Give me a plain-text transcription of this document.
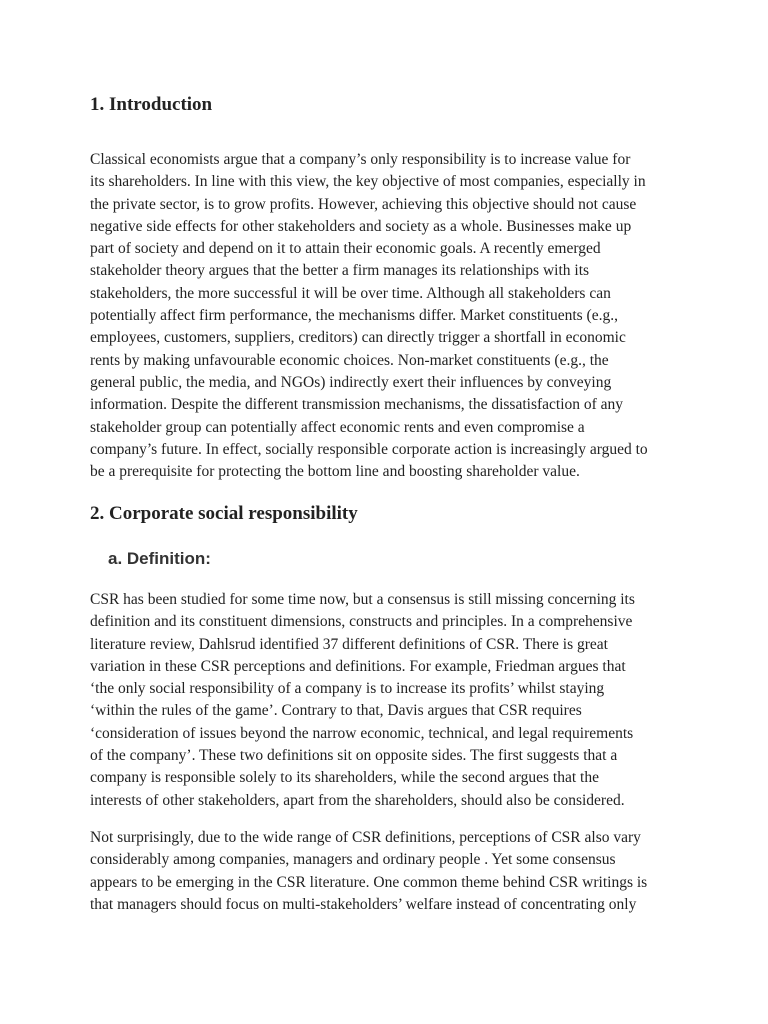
1. Introduction
Classical economists argue that a company’s only responsibility is to increase value for
its shareholders. In line with this view, the key objective of most companies, especially in
the private sector, is to grow profits. However, achieving this objective should not cause
negative side effects for other stakeholders and society as a whole. Businesses make up
part of society and depend on it to attain their economic goals. A recently emerged
stakeholder theory argues that the better a firm manages its relationships with its
stakeholders, the more successful it will be over time. Although all stakeholders can
potentially affect firm performance, the mechanisms differ. Market constituents (e.g.,
employees, customers, suppliers, creditors) can directly trigger a shortfall in economic
rents by making unfavourable economic choices. Non-market constituents (e.g., the
general public, the media, and NGOs) indirectly exert their influences by conveying
information. Despite the different transmission mechanisms, the dissatisfaction of any
stakeholder group can potentially affect economic rents and even compromise a
company’s future. In effect, socially responsible corporate action is increasingly argued to
be a prerequisite for protecting the bottom line and boosting shareholder value.
2. Corporate social responsibility
a. Definition:
CSR has been studied for some time now, but a consensus is still missing concerning its
definition and its constituent dimensions, constructs and principles. In a comprehensive
literature review, Dahlsrud identified 37 different definitions of CSR. There is great
variation in these CSR perceptions and definitions. For example, Friedman argues that
‘the only social responsibility of a company is to increase its profits’ whilst staying
‘within the rules of the game’. Contrary to that, Davis argues that CSR requires
‘consideration of issues beyond the narrow economic, technical, and legal requirements
of the company’. These two definitions sit on opposite sides. The first suggests that a
company is responsible solely to its shareholders, while the second argues that the
interests of other stakeholders, apart from the shareholders, should also be considered.
Not surprisingly, due to the wide range of CSR definitions, perceptions of CSR also vary
considerably among companies, managers and ordinary people . Yet some consensus
appears to be emerging in the CSR literature. One common theme behind CSR writings is
that managers should focus on multi-stakeholders’ welfare instead of concentrating only
